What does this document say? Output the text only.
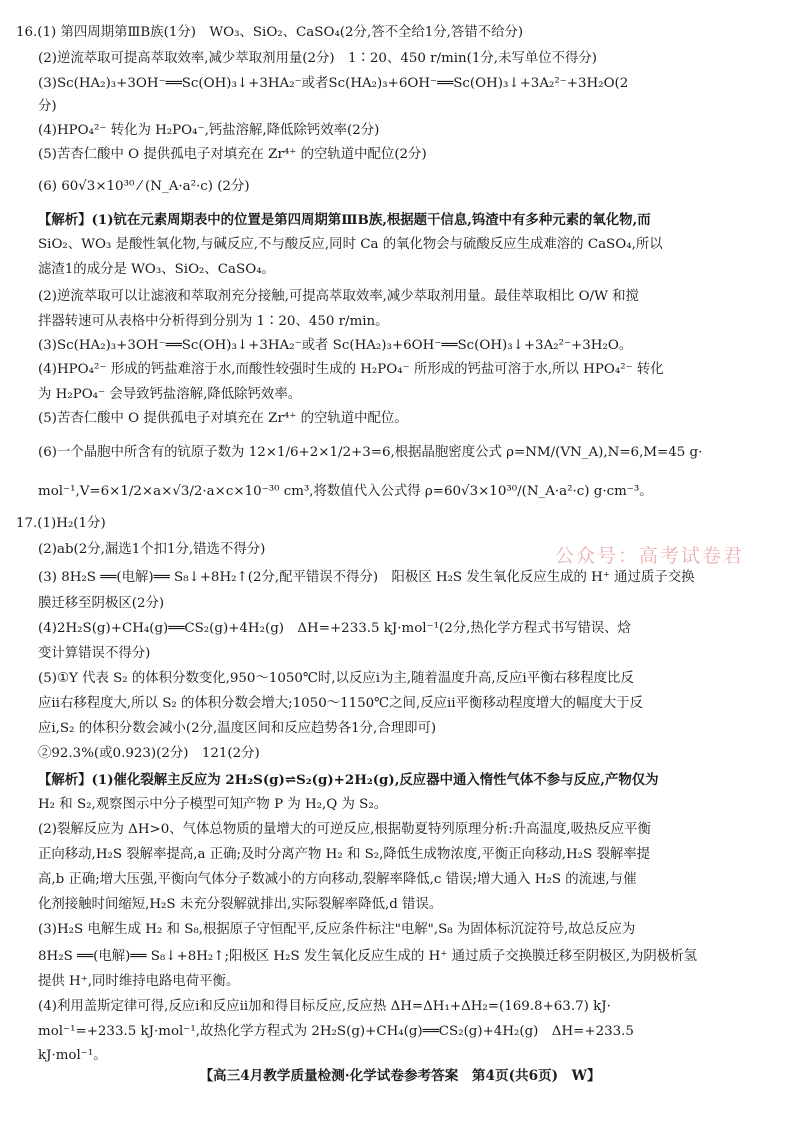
16.(1) 第四周期第ⅢB族(1分)　WO₃、SiO₂、CaSO₄(2分,答不全给1分,答错不给分)
(2)逆流萃取可提高萃取效率,减少萃取剂用量(2分)　1∶20、450 r/min(1分,未写单位不得分)
(3)Sc(HA₂)₃+3OH⁻══Sc(OH)₃↓+3HA₂⁻或者Sc(HA₂)₃+6OH⁻══Sc(OH)₃↓+3A₂²⁻+3H₂O(2
分)
(4)HPO₄²⁻ 转化为 H₂PO₄⁻,钙盐溶解,降低除钙效率(2分)
(5)苦杏仁酸中 O 提供孤电子对填充在 Zr⁴⁺ 的空轨道中配位(2分)
(6) 60√3×10³⁰ ⁄ (N_A·a²·c) (2分)
【解析】(1)钪在元素周期表中的位置是第四周期第ⅢB族,根据题干信息,钨渣中有多种元素的氧化物,而
SiO₂、WO₃ 是酸性氧化物,与碱反应,不与酸反应,同时 Ca 的氧化物会与硫酸反应生成难溶的 CaSO₄,所以
滤渣1的成分是 WO₃、SiO₂、CaSO₄。
(2)逆流萃取可以让滤液和萃取剂充分接触,可提高萃取效率,减少萃取剂用量。最佳萃取相比 O/W 和搅
拌器转速可从表格中分析得到分别为 1∶20、450 r/min。
(3)Sc(HA₂)₃+3OH⁻══Sc(OH)₃↓+3HA₂⁻或者 Sc(HA₂)₃+6OH⁻══Sc(OH)₃↓+3A₂²⁻+3H₂O。
(4)HPO₄²⁻ 形成的钙盐难溶于水,而酸性较强时生成的 H₂PO₄⁻ 所形成的钙盐可溶于水,所以 HPO₄²⁻ 转化
为 H₂PO₄⁻ 会导致钙盐溶解,降低除钙效率。
(5)苦杏仁酸中 O 提供孤电子对填充在 Zr⁴⁺ 的空轨道中配位。
(6)一个晶胞中所含有的钪原子数为 12×1/6+2×1/2+3=6,根据晶胞密度公式 ρ=NM/(VN_A),N=6,M=45 g·
mol⁻¹,V=6×1/2×a×√3/2·a×c×10⁻³⁰ cm³,将数值代入公式得 ρ=60√3×10³⁰/(N_A·a²·c) g·cm⁻³。
17.(1)H₂(1分)
(2)ab(2分,漏选1个扣1分,错选不得分)
(3) 8H₂S ══(电解)══ S₈↓+8H₂↑(2分,配平错误不得分)　阳极区 H₂S 发生氧化反应生成的 H⁺ 通过质子交换
膜迁移至阴极区(2分)
(4)2H₂S(g)+CH₄(g)══CS₂(g)+4H₂(g)　ΔH=+233.5 kJ·mol⁻¹(2分,热化学方程式书写错误、焓
变计算错误不得分)
(5)①Y 代表 S₂ 的体积分数变化,950～1050℃时,以反应ⅰ为主,随着温度升高,反应ⅰ平衡右移程度比反
应ⅱ右移程度大,所以 S₂ 的体积分数会增大;1050～1150℃之间,反应ⅱ平衡移动程度增大的幅度大于反
应ⅰ,S₂ 的体积分数会减小(2分,温度区间和反应趋势各1分,合理即可)
②92.3%(或0.923)(2分)　121(2分)
【解析】(1)催化裂解主反应为 2H₂S(g)⇌S₂(g)+2H₂(g),反应器中通入惰性气体不参与反应,产物仅为
H₂ 和 S₂,观察图示中分子模型可知产物 P 为 H₂,Q 为 S₂。
(2)裂解反应为 ΔH>0、气体总物质的量增大的可逆反应,根据勒夏特列原理分析:升高温度,吸热反应平衡
正向移动,H₂S 裂解率提高,a 正确;及时分离产物 H₂ 和 S₂,降低生成物浓度,平衡正向移动,H₂S 裂解率提
高,b 正确;增大压强,平衡向气体分子数减小的方向移动,裂解率降低,c 错误;增大通入 H₂S 的流速,与催
化剂接触时间缩短,H₂S 未充分裂解就排出,实际裂解率降低,d 错误。
(3)H₂S 电解生成 H₂ 和 S₈,根据原子守恒配平,反应条件标注"电解",S₈ 为固体标沉淀符号,故总反应为
8H₂S ══(电解)══ S₈↓+8H₂↑;阳极区 H₂S 发生氧化反应生成的 H⁺ 通过质子交换膜迁移至阴极区,为阴极析氢
提供 H⁺,同时维持电路电荷平衡。
(4)利用盖斯定律可得,反应ⅰ和反应ⅱ加和得目标反应,反应热 ΔH=ΔH₁+ΔH₂=(169.8+63.7) kJ·
mol⁻¹=+233.5 kJ·mol⁻¹,故热化学方程式为 2H₂S(g)+CH₄(g)══CS₂(g)+4H₂(g)　ΔH=+233.5
kJ·mol⁻¹。
公众号：高考试卷君
【高三4月教学质量检测·化学试卷参考答案　第4页(共6页)　W】
